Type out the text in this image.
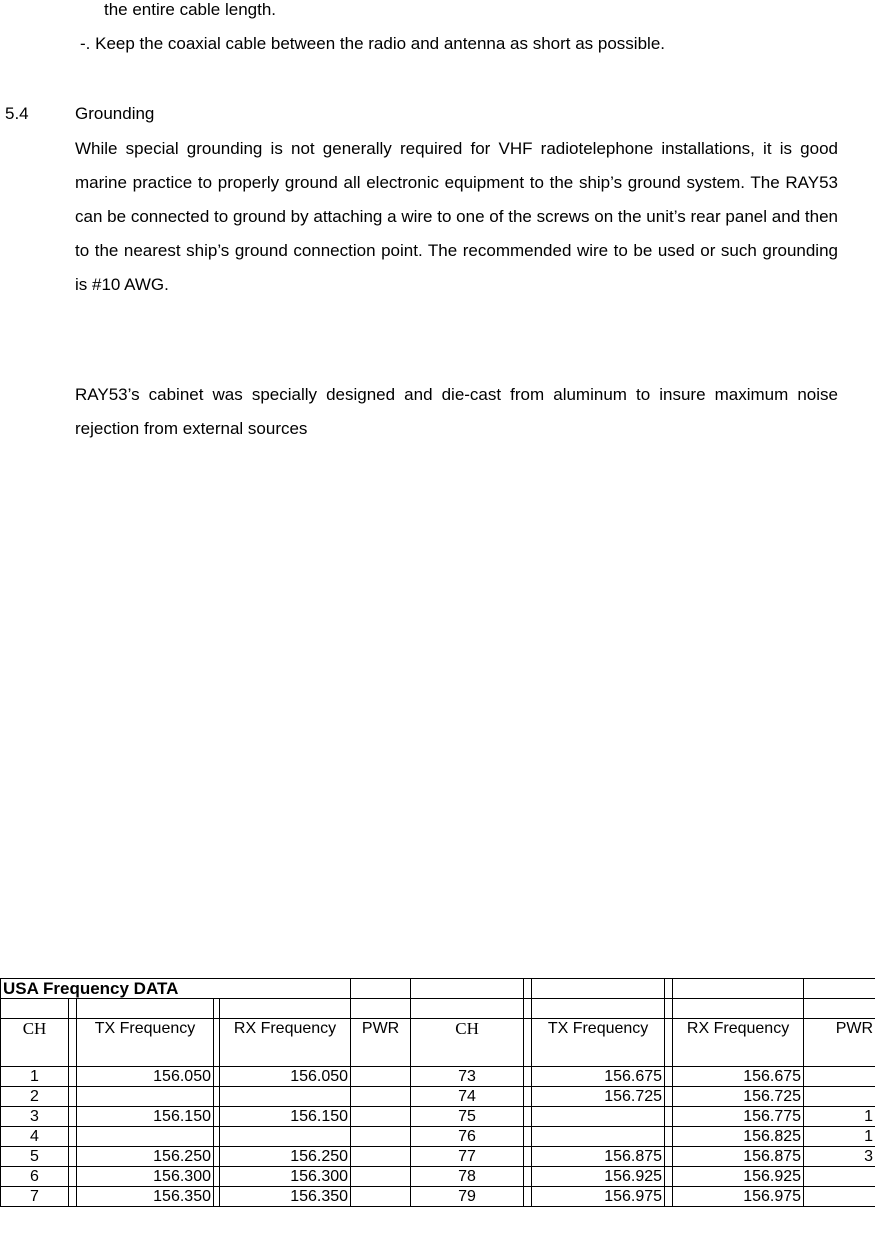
the entire cable length.
-. Keep the coaxial cable between the radio and antenna as short as possible.
5.4	Grounding
While special grounding is not generally required for VHF radiotelephone installations, it is good marine practice to properly ground all electronic equipment to the ship’s ground system. The RAY53 can be connected to ground by attaching a wire to one of the screws on the unit’s rear panel and then to the nearest ship’s ground connection point. The recommended wire to be used or such grounding is #10 AWG.
RAY53’s cabinet was specially designed and die-cast from aluminum to insure maximum noise rejection from external sources
USA Frequency DATA											

CH		TX Frequency		RX Frequency	PWR	CH		TX Frequency		RX Frequency	PWR
1		156.050		156.050		73		156.675		156.675	
2						74		156.725		156.725	
3		156.150		156.150		75				156.775	1
4						76				156.825	1
5		156.250		156.250		77		156.875		156.875	3
6		156.300		156.300		78		156.925		156.925	
7		156.350		156.350		79		156.975		156.975	
